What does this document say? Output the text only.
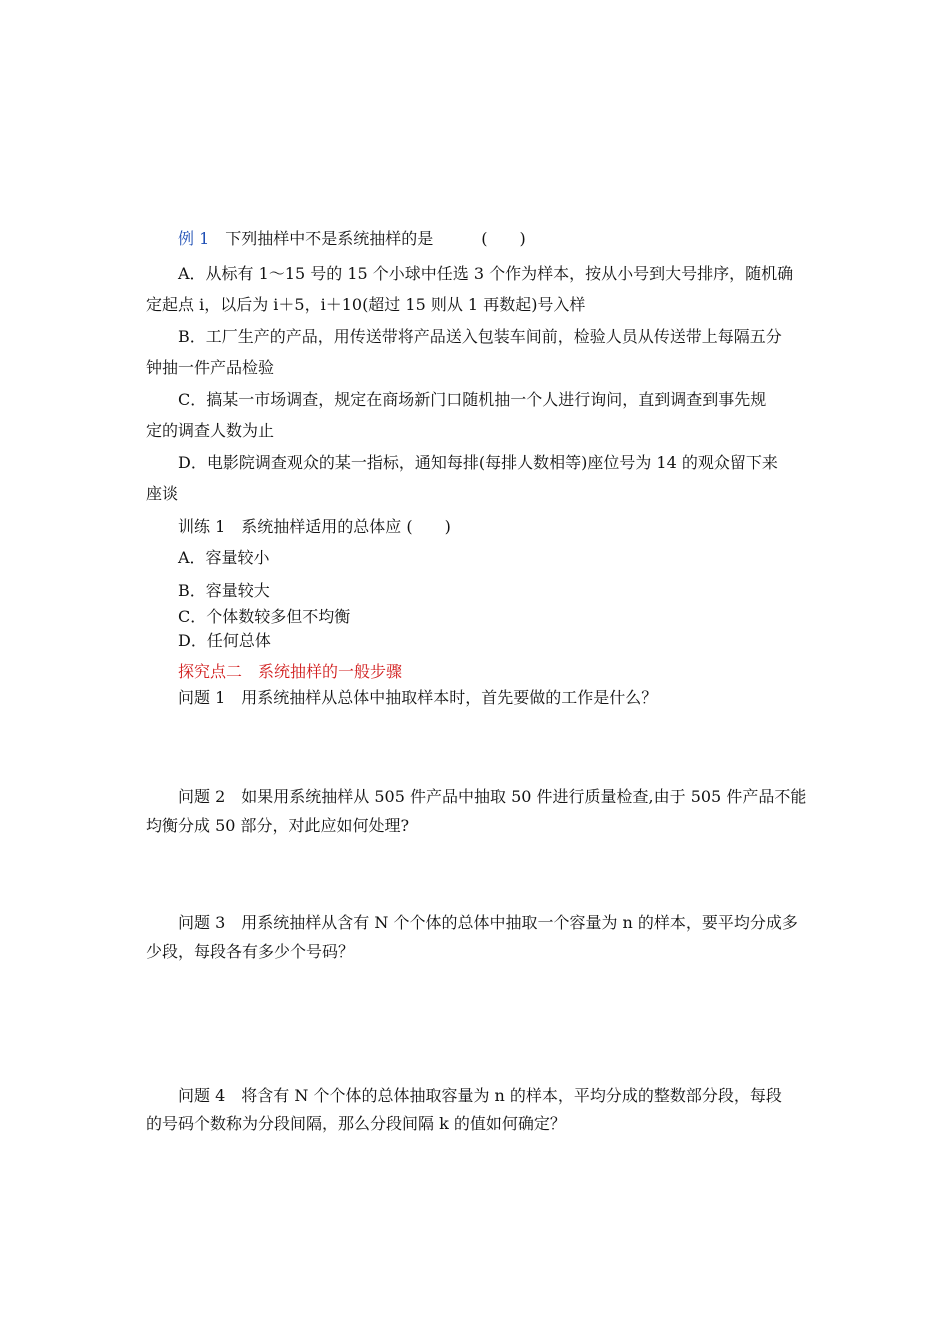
例 1 下列抽样中不是系统抽样的是	(　　)
A．从标有 1～15 号的 15 个小球中任选 3 个作为样本，按从小号到大号排序，随机确
定起点 i，以后为 i＋5，i＋10(超过 15 则从 1 再数起)号入样
B．工厂生产的产品，用传送带将产品送入包装车间前，检验人员从传送带上每隔五分
钟抽一件产品检验
C．搞某一市场调查，规定在商场新门口随机抽一个人进行询问，直到调查到事先规
定的调查人数为止
D．电影院调查观众的某一指标，通知每排(每排人数相等)座位号为 14 的观众留下来
座谈
训练 1 系统抽样适用的总体应 (　　)
A．容量较小
B．容量较大
C．个体数较多但不均衡
D．任何总体
探究点二 系统抽样的一般步骤
问题 1 用系统抽样从总体中抽取样本时，首先要做的工作是什么？
问题 2 如果用系统抽样从 505 件产品中抽取 50 件进行质量检查,由于 505 件产品不能
均衡分成 50 部分，对此应如何处理?
问题 3 用系统抽样从含有 N 个个体的总体中抽取一个容量为 n 的样本，要平均分成多
少段，每段各有多少个号码？
问题 4 将含有 N 个个体的总体抽取容量为 n 的样本，平均分成的整数部分段，每段
的号码个数称为分段间隔，那么分段间隔 k 的值如何确定？
